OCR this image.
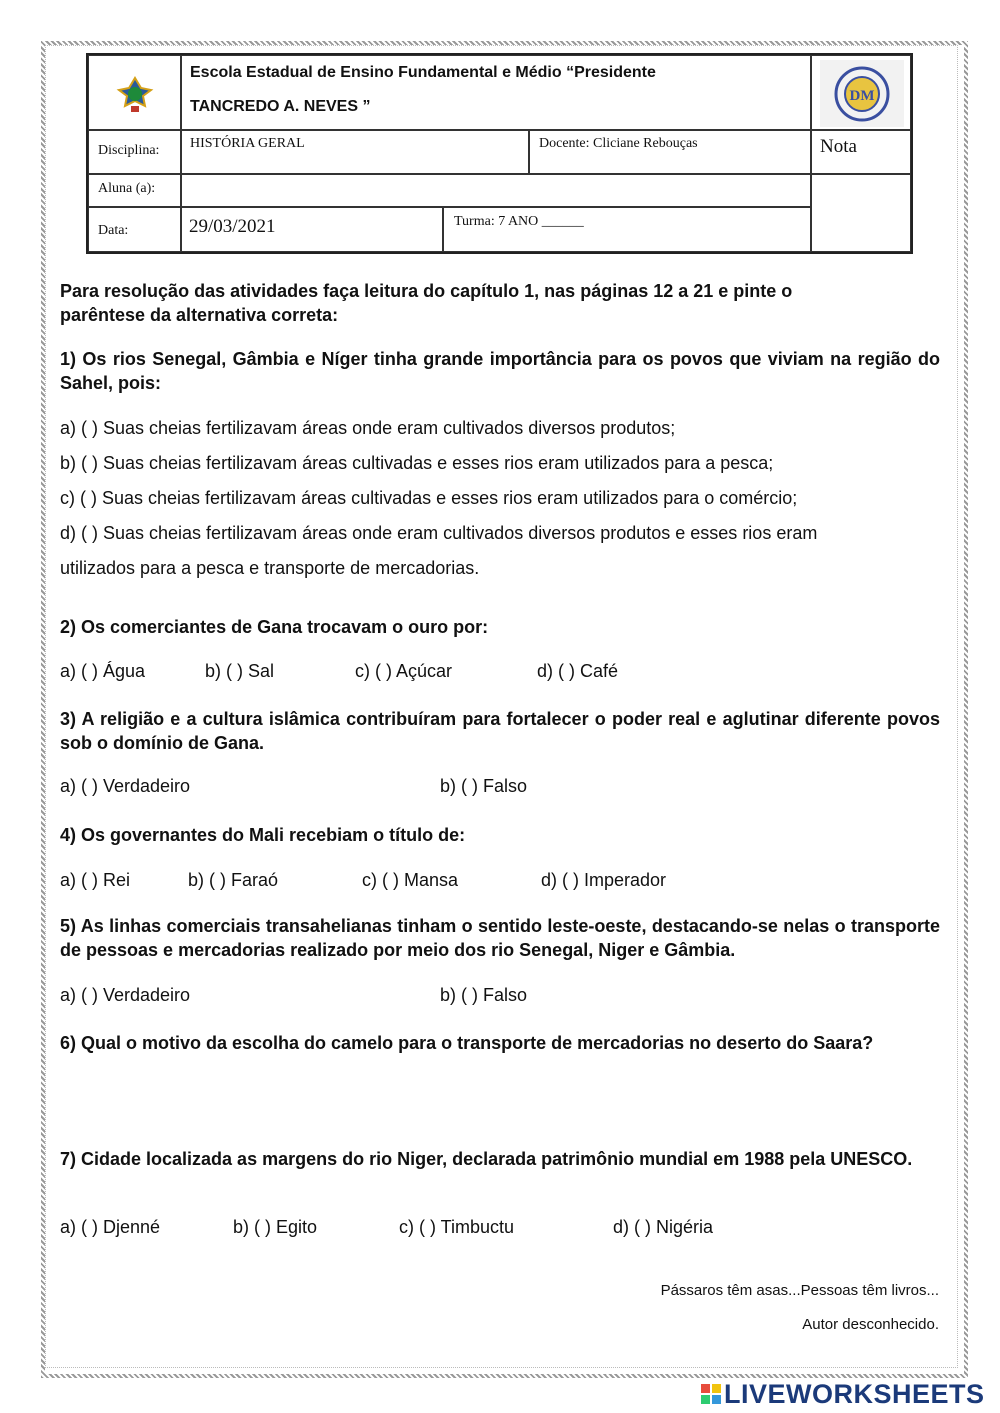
Escola Estadual de Ensino Fundamental e Médio “Presidente
TANCREDO A. NEVES ”
DM
Disciplina:	HISTÓRIA GERAL	Docente: Cliciane Rebouças	Nota
Aluna (a):
Data:	29/03/2021	Turma: 7 ANO ______
Para resolução das atividades faça leitura do capítulo 1, nas páginas 12 a 21 e pinte o parêntese da alternativa correta:
1) Os rios Senegal, Gâmbia e Níger tinha grande importância para os povos que viviam na região do Sahel, pois:
a) ( ) Suas cheias fertilizavam áreas onde eram cultivados diversos produtos;
b) ( ) Suas cheias fertilizavam áreas cultivadas e esses rios eram utilizados para a pesca;
c) ( ) Suas cheias fertilizavam áreas cultivadas e esses rios eram utilizados para o comércio;
d) ( ) Suas cheias fertilizavam áreas onde eram cultivados diversos produtos e esses rios eram
utilizados para a pesca e transporte de mercadorias.
2) Os comerciantes de Gana trocavam o ouro por:
a) ( ) Água	b) ( ) Sal	c) ( ) Açúcar	d) ( ) Café
3) A religião e a cultura islâmica contribuíram para fortalecer o poder real e aglutinar diferente povos sob o domínio de Gana.
a) ( ) Verdadeiro	b) ( ) Falso
4) Os governantes do Mali recebiam o título de:
a) ( ) Rei	b) ( ) Faraó	c) ( ) Mansa	d) ( ) Imperador
5) As linhas comerciais transahelianas tinham o sentido leste-oeste, destacando-se nelas o transporte de pessoas e mercadorias realizado por meio dos rio Senegal, Niger e Gâmbia.
a) ( ) Verdadeiro	b) ( ) Falso
6) Qual o motivo da escolha do camelo para o transporte de mercadorias no deserto do Saara?
7) Cidade localizada as margens do rio Niger, declarada patrimônio mundial em 1988 pela UNESCO.
a) ( ) Djenné	b) ( ) Egito	c) ( ) Timbuctu	d) ( ) Nigéria
Pássaros têm asas...Pessoas têm livros...
Autor desconhecido.
LIVEWORKSHEETS
